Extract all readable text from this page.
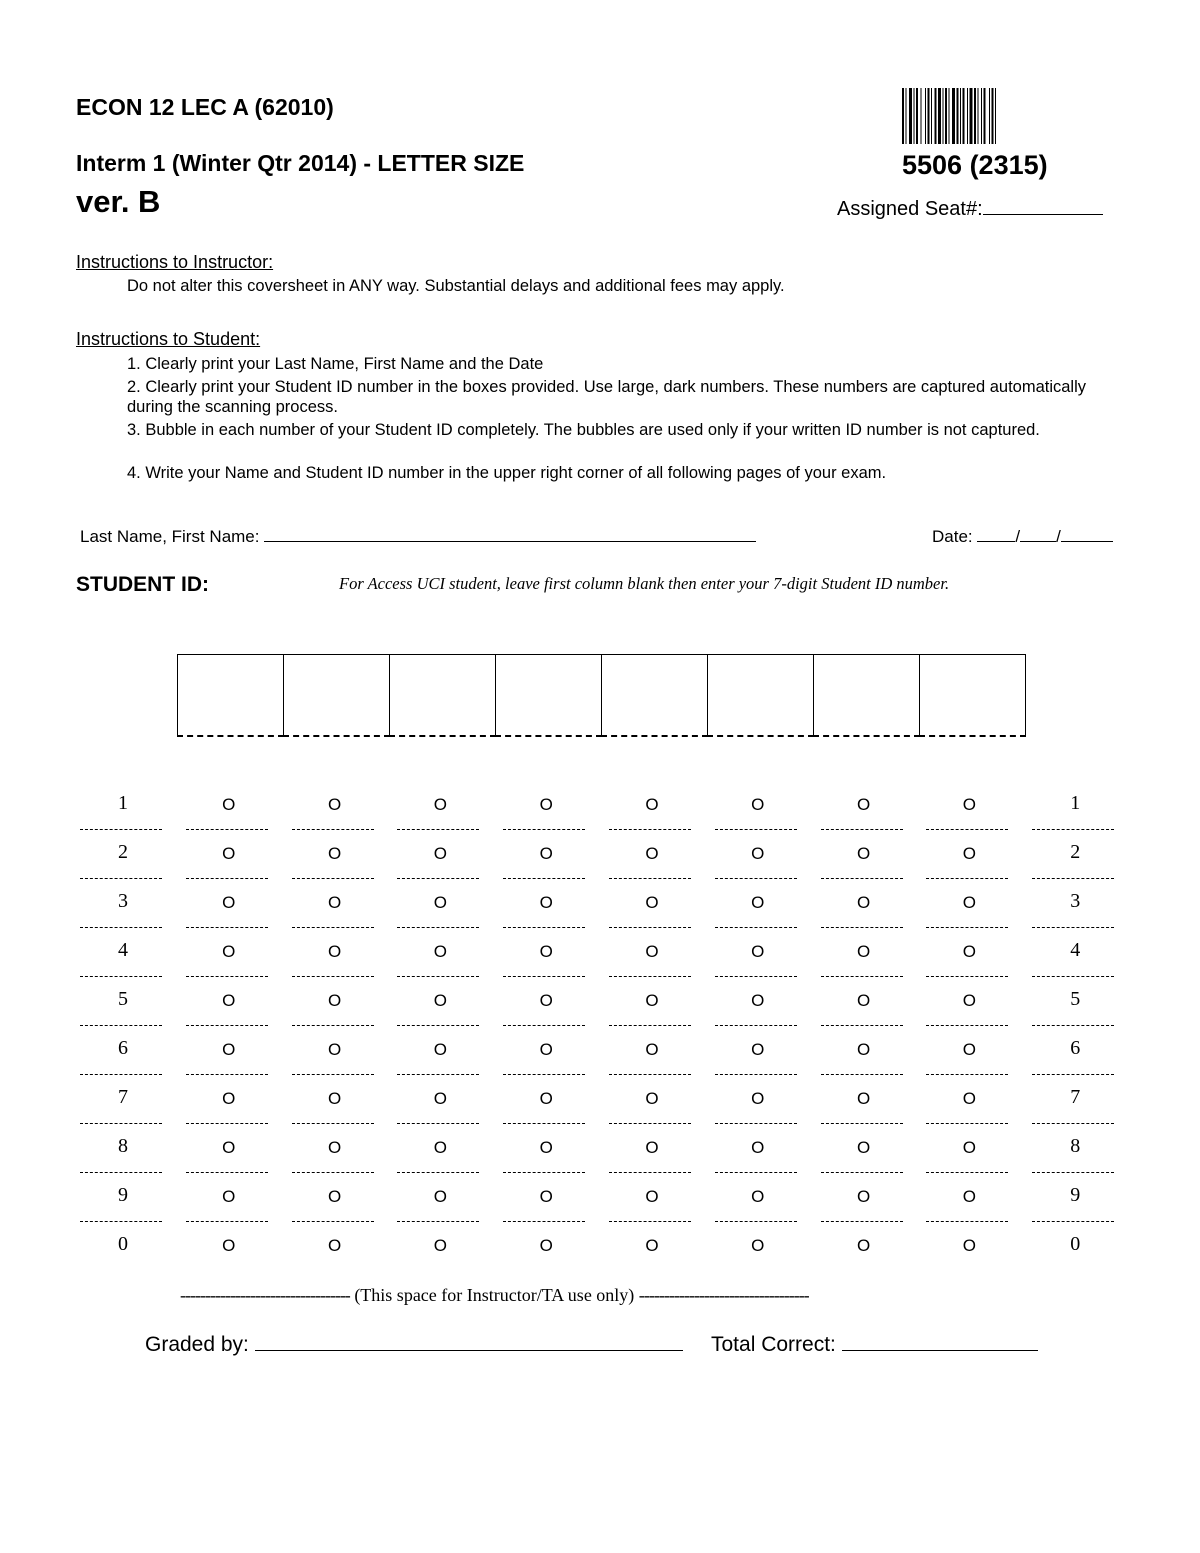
ECON 12 LEC A (62010)
Interm 1 (Winter Qtr 2014) - LETTER SIZE
ver. B
5506 (2315)
Assigned Seat#:
Instructions to Instructor:
Do not alter this coversheet in ANY way. Substantial delays and additional fees may apply.
Instructions to Student:
1. Clearly print your Last Name, First Name and the Date
2. Clearly print your Student ID number in the boxes provided. Use large, dark numbers. These numbers are captured automatically during the scanning process.
3. Bubble in each number of your Student ID completely. The bubbles are used only if your written ID number is not captured.
4. Write your Name and Student ID number in the upper right corner of all following pages of your exam.
Last Name, First Name:	Date:	/ /
STUDENT ID:	For Access UCI student, leave first column blank then enter your 7-digit Student ID number.
1	O	O	O	O	O	O	O	O	1
2	O	O	O	O	O	O	O	O	2
3	O	O	O	O	O	O	O	O	3
4	O	O	O	O	O	O	O	O	4
5	O	O	O	O	O	O	O	O	5
6	O	O	O	O	O	O	O	O	6
7	O	O	O	O	O	O	O	O	7
8	O	O	O	O	O	O	O	O	8
9	O	O	O	O	O	O	O	O	9
0	O	O	O	O	O	O	O	O	0
---------------------------------- (This space for Instructor/TA use only) ----------------------------------
Graded by:	Total Correct:
